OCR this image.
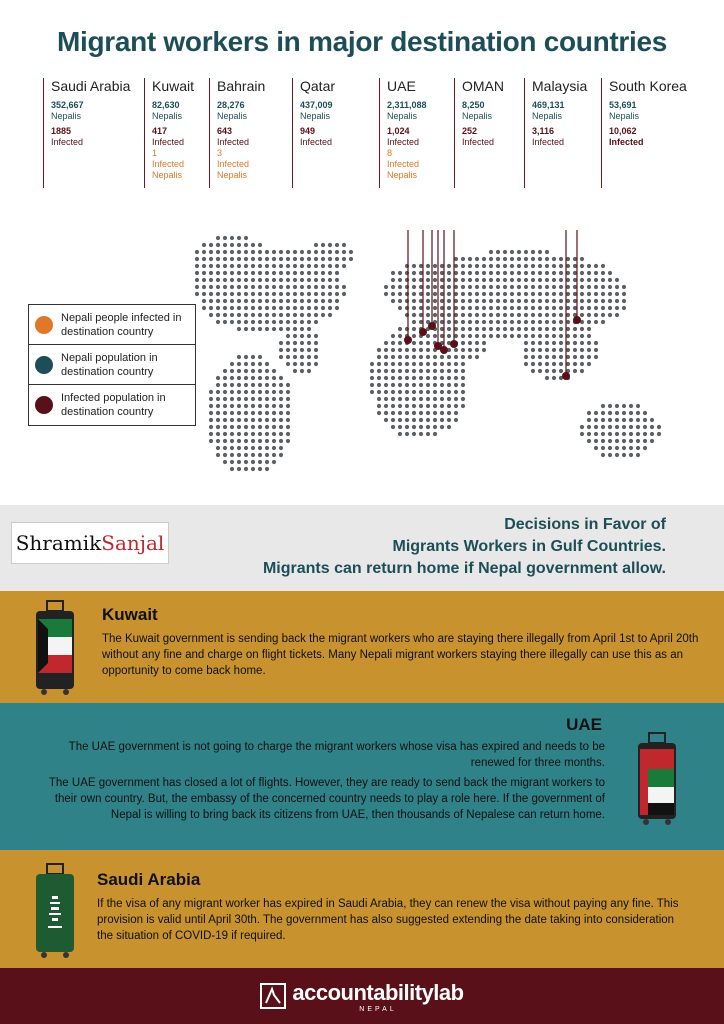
Migrant workers in major destination countries
Saudi Arabia
352,667
Nepalis
1885
Infected
Kuwait
82,630
Nepalis
417
Infected
1
Infected Nepalis
Bahrain
28,276
Nepalis
643
Infected
3
Infected Nepalis
Qatar
437,009
Nepalis
949
Infected
UAE
2,311,088
Nepalis
1,024
Infected
8
Infected Nepalis
OMAN
8,250
Nepalis
252
Infected
Malaysia
469,131
Nepalis
3,116
Infected
South Korea
53,691
Nepalis
10,062
Infected
Nepali people infected in destination country
Nepali population in destination country
Infected population in destination country
Shramik Sanjal
Decisions in Favor of
Migrants Workers in Gulf Countries.
Migrants can return home if Nepal government allow.
Kuwait

The Kuwait government is sending back the migrant workers who are staying there illegally from April 1st to April 20th without any fine and charge on flight tickets. Many Nepali migrant workers staying there illegally can use this as an opportunity to come back home.

UAE

The UAE government is not going to charge the migrant workers whose visa has expired and needs to be renewed for three months.

The UAE government has closed a lot of flights. However, they are ready to send back the migrant workers to their own country. But, the embassy of the concerned country needs to play a role here. If the government of Nepal is willing to bring back its citizens from UAE, then thousands of Nepalese can return home.

Saudi Arabia

If the visa of any migrant worker has expired in Saudi Arabia, they can renew the visa without paying any fine. This provision is valid until April 30th. The government has also suggested extending the date taking into consideration the situation of COVID-19 if required.

accountabilitylab
NEPAL
